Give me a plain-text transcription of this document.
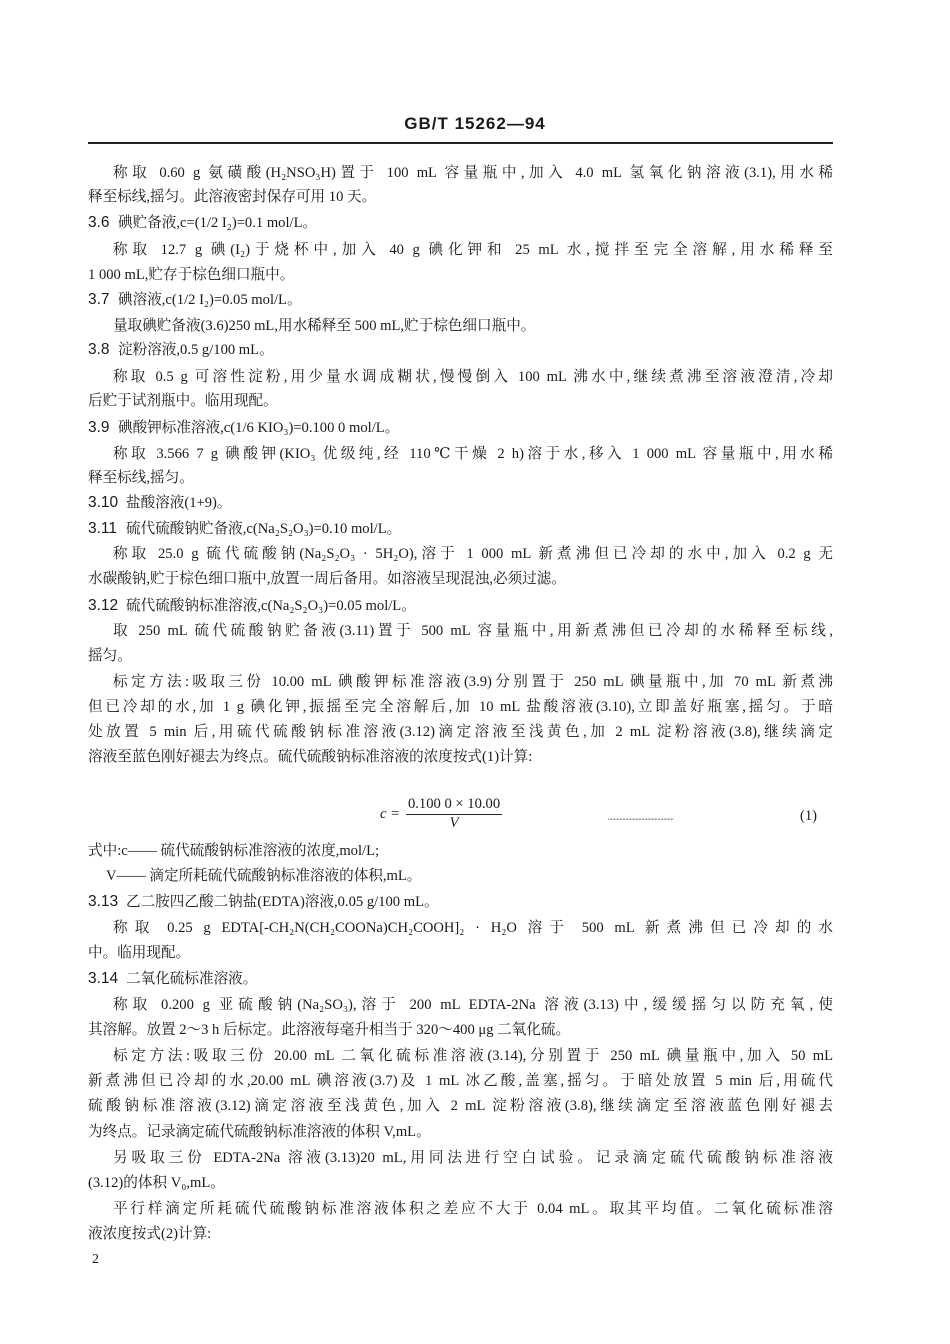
GB/T 15262—94
称取 0.60 g 氨磺酸(H₂NSO₃H)置于 100 mL 容量瓶中,加入 4.0 mL 氢氧化钠溶液(3.1),用水稀
释至标线,摇匀。此溶液密封保存可用 10 天。
3.6 碘贮备液,c=(1/2 I₂)=0.1 mol/L。
称取 12.7 g 碘(I₂)于烧杯中,加入 40 g 碘化钾和 25 mL 水,搅拌至完全溶解,用水稀释至
1 000 mL,贮存于棕色细口瓶中。
3.7 碘溶液,c(1/2 I₂)=0.05 mol/L。
量取碘贮备液(3.6)250 mL,用水稀释至 500 mL,贮于棕色细口瓶中。
3.8 淀粉溶液,0.5 g/100 mL。
称取 0.5 g 可溶性淀粉,用少量水调成糊状,慢慢倒入 100 mL 沸水中,继续煮沸至溶液澄清,冷却
后贮于试剂瓶中。临用现配。
3.9 碘酸钾标准溶液,c(1/6 KIO₃)=0.100 0 mol/L。
称取 3.566 7 g 碘酸钾(KIO₃ 优级纯,经 110℃干燥 2 h)溶于水,移入 1 000 mL 容量瓶中,用水稀
释至标线,摇匀。
3.10 盐酸溶液(1+9)。
3.11 硫代硫酸钠贮备液,c(Na₂S₂O₃)=0.10 mol/L。
称取 25.0 g 硫代硫酸钠(Na₂S₂O₃ · 5H₂O),溶于 1 000 mL 新煮沸但已冷却的水中,加入 0.2 g 无
水碳酸钠,贮于棕色细口瓶中,放置一周后备用。如溶液呈现混浊,必须过滤。
3.12 硫代硫酸钠标准溶液,c(Na₂S₂O₃)=0.05 mol/L。
取 250 mL 硫代硫酸钠贮备液(3.11)置于 500 mL 容量瓶中,用新煮沸但已冷却的水稀释至标线,
摇匀。
标定方法:吸取三份 10.00 mL 碘酸钾标准溶液(3.9)分别置于 250 mL 碘量瓶中,加 70 mL 新煮沸
但已冷却的水,加 1 g 碘化钾,振摇至完全溶解后,加 10 mL 盐酸溶液(3.10),立即盖好瓶塞,摇匀。于暗
处放置 5 min 后,用硫代硫酸钠标准溶液(3.12)滴定溶液至浅黄色,加 2 mL 淀粉溶液(3.8),继续滴定
溶液至蓝色刚好褪去为终点。硫代硫酸钠标准溶液的浓度按式(1)计算:
$c = \frac{0.100 0 \times 10.00}{V}$	………………………………………	(1)
式中:c—— 硫代硫酸钠标准溶液的浓度,mol/L;
V—— 滴定所耗硫代硫酸钠标准溶液的体积,mL。
3.13 乙二胺四乙酸二钠盐(EDTA)溶液,0.05 g/100 mL。
称取 0.25 g EDTA[-CH₂N(CH₂COONa)CH₂COOH]₂ · H₂O 溶于 500 mL 新煮沸但已冷却的水
中。临用现配。
3.14 二氧化硫标准溶液。
称取 0.200 g 亚硫酸钠(Na₂SO₃),溶于 200 mL EDTA-2Na 溶液(3.13)中,缓缓摇匀以防充氧,使
其溶解。放置 2～3 h 后标定。此溶液每毫升相当于 320～400 μg 二氧化硫。
标定方法:吸取三份 20.00 mL 二氧化硫标准溶液(3.14),分别置于 250 mL 碘量瓶中,加入 50 mL
新煮沸但已冷却的水,20.00 mL 碘溶液(3.7)及 1 mL 冰乙酸,盖塞,摇匀。于暗处放置 5 min 后,用硫代
硫酸钠标准溶液(3.12)滴定溶液至浅黄色,加入 2 mL 淀粉溶液(3.8),继续滴定至溶液蓝色刚好褪去
为终点。记录滴定硫代硫酸钠标准溶液的体积 V,mL。
另吸取三份 EDTA-2Na 溶液(3.13)20 mL,用同法进行空白试验。记录滴定硫代硫酸钠标准溶液
(3.12)的体积 V₀,mL。
平行样滴定所耗硫代硫酸钠标准溶液体积之差应不大于 0.04 mL。取其平均值。二氧化硫标准溶
液浓度按式(2)计算:
2
